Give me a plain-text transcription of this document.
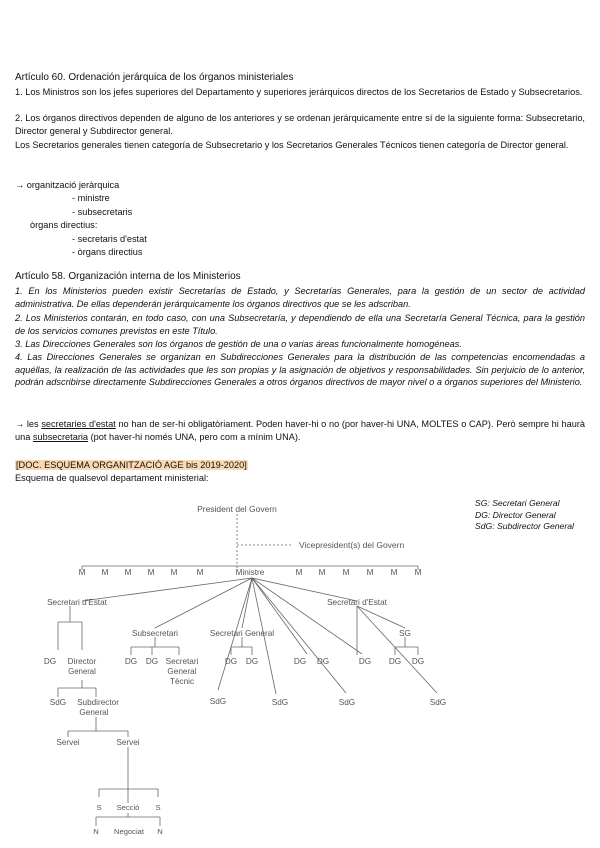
Artículo 60. Ordenación jerárquica de los órganos ministeriales
1. Los Ministros son los jefes superiores del Departamento y superiores jerárquicos directos de los Secretarios de Estado y Subsecretarios.
2. Los órganos directivos dependen de alguno de los anteriores y se ordenan jerárquicamente entre sí de la siguiente forma: Subsecretario, Director general y Subdirector general.
Los Secretarios generales tienen categoría de Subsecretario y los Secretarios Generales Técnicos tienen categoría de Director general.
→ organització jeràrquica
- ministre
- subsecretaris
òrgans directius:
- secretaris d'estat
- òrgans directius
Artículo 58. Organización interna de los Ministerios
1. En los Ministerios pueden existir Secretarías de Estado, y Secretarías Generales, para la gestión de un sector de actividad administrativa. De ellas dependerán jerárquicamente los órganos directivos que se les adscriban.
2. Los Ministerios contarán, en todo caso, con una Subsecretaría, y dependiendo de ella una Secretaría General Técnica, para la gestión de los servicios comunes previstos en este Título.
3. Las Direcciones Generales son los órganos de gestión de una o varias áreas funcionalmente homogéneas.
4. Las Direcciones Generales se organizan en Subdirecciones Generales para la distribución de las competencias encomendadas a aquéllas, la realización de las actividades que les son propias y la asignación de objetivos y responsabilidades. Sin perjuicio de lo anterior, podrán adscribirse directamente Subdirecciones Generales a otros órganos directivos de mayor nivel o a órganos superiores del Ministerio.
→ les secretaries d'estat no han de ser-hi obligatòriament. Poden haver-hi o no (por haver-hi UNA, MOLTES o CAP). Però sempre hi haurà una subsecretaria (pot haver-hi només UNA, pero com a mínim UNA).
[DOC. ESQUEMA ORGANITZACIÓ AGE bis 2019-2020]
Esquema de qualsevol departament ministerial:
SG: Secretari General
DG: Director General
SdG: Subdirector General
President del Govern
Vicepresident(s) del Govern
M M M M M M	Ministre	M M M M M M
Secretari d'Estat	Secretari d'Estat
Subsecretari	Secretari General	SG
DG Director
General
DG DG Secretari
General
Tècnic
DG DG	DG DG	DG DG DG
SdG Subdirector
General
SdG	SdG	SdG	SdG
Servei	Servei
S Secció S
N Negociat N
